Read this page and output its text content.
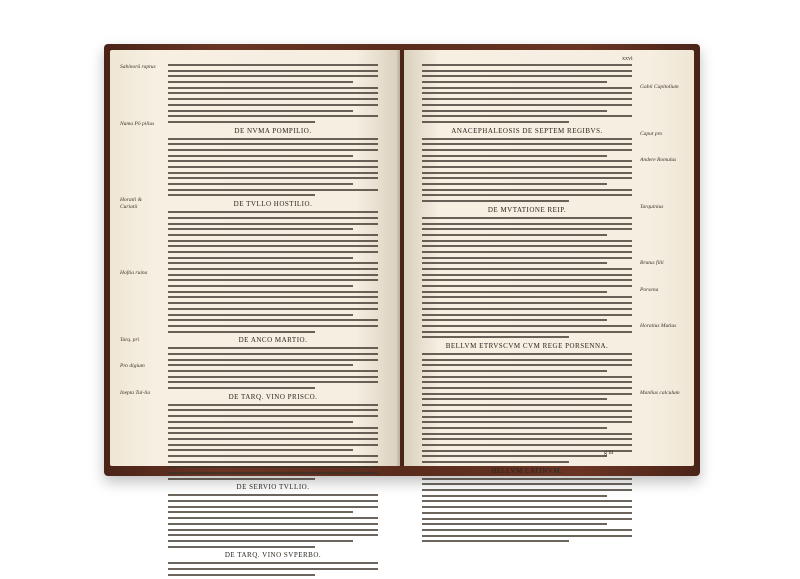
Sabinorū raptus
Numa Pō pilius
Horatii & Curiatii
Hoſtia ruina
Tarq. pri
Pro digium
Inepta Tul-lia
DE NVMA POMPILIO.
DE TVLLO HOSTILIO.
DE ANCO MARTIO.
DE TARQ. VINO PRISCO.
DE SERVIO TVLLIO.
DE TARQ. VINO SVPERBO.
xxvi
Gabii Capitolium
Caput pro
Andere Romulus
Tarquinius
Brutus filii
Porsena
Horatius Mutius
Manlius calculum
ANACEPHALEOSIS DE SEPTEM REGIBVS.
DE MVTATIONE REIP.
BELLVM ETRVSCVM CVM REGE PORSENNA.
BELLVM LATINVM.
g iii
